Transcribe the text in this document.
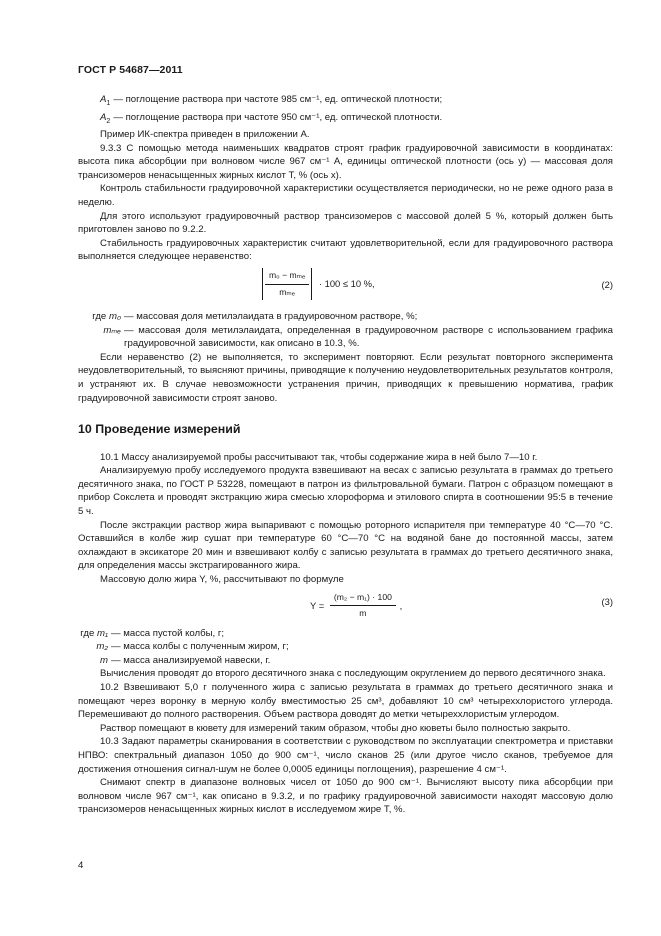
ГОСТ Р 54687—2011

$A_1$ — поглощение раствора при частоте 985 см⁻¹, ед. оптической плотности;

$A_2$ — поглощение раствора при частоте 950 см⁻¹, ед. оптической плотности.

Пример ИК-спектра приведен в приложении А.

9.3.3 С помощью метода наименьших квадратов строят график градуировочной зависимости в координатах: высота пика абсорбции при волновом числе 967 см⁻¹ A, единицы оптической плотности (ось y) — массовая доля трансизомеров ненасыщенных жирных кислот T, % (ось x).

Контроль стабильности градуировочной характеристики осуществляется периодически, но не реже одного раза в неделю.

Для этого используют градуировочный раствор трансизомеров с массовой долей 5 %, который должен быть приготовлен заново по 9.2.2.

Стабильность градуировочных характеристик считают удовлетворительной, если для градуировочного раствора выполняется следующее неравенство:

$\frac{\text{m₀ − mₘₑ}}{\text{mₘₑ}} \cdot 100 \le 10$ %,	(2)

где m₀ — массовая доля метилэлаидата в градуировочном растворе, %;

mₘₑ — массовая доля метилэлаидата, определенная в градуировочном растворе с использованием графика градуировочной зависимости, как описано в 10.3, %.

Если неравенство (2) не выполняется, то эксперимент повторяют. Если результат повторного эксперимента неудовлетворительный, то выясняют причины, приводящие к получению неудовлетворительных результатов контроля, и устраняют их. В случае невозможности устранения причин, приводящих к превышению норматива, график градуировочной зависимости строят заново.

10 Проведение измерений

10.1 Массу анализируемой пробы рассчитывают так, чтобы содержание жира в ней было 7—10 г.

Анализируемую пробу исследуемого продукта взвешивают на весах с записью результата в граммах до третьего десятичного знака, по ГОСТ Р 53228, помещают в патрон из фильтровальной бумаги. Патрон с образцом помещают в прибор Сокслета и проводят экстракцию жира смесью хлороформа и этилового спирта в соотношении 95:5 в течение 5 ч.

После экстракции раствор жира выпаривают с помощью роторного испарителя при температуре 40 °С—70 °С. Оставшийся в колбе жир сушат при температуре 60 °С—70 °С на водяной бане до постоянной массы, затем охлаждают в эксикаторе 20 мин и взвешивают колбу с записью результата в граммах до третьего десятичного знака, для определения массы экстрагированного жира.

Массовую долю жира Y, %, рассчитывают по формуле

$Y = \frac{\text{(m₂ − m₁) · 100}}{m}$ ,	(3)

где m₁ — масса пустой колбы, г;

m₂ — масса колбы с полученным жиром, г;

m — масса анализируемой навески, г.

Вычисления проводят до второго десятичного знака с последующим округлением до первого десятичного знака.

10.2 Взвешивают 5,0 г полученного жира с записью результата в граммах до третьего десятичного знака и помещают через воронку в мерную колбу вместимостью 25 см³, добавляют 10 см³ четыреххлористого углерода. Перемешивают до полного растворения. Объем раствора доводят до метки четыреххлористым углеродом.

Раствор помещают в кювету для измерений таким образом, чтобы дно кюветы было полностью закрыто.

10.3 Задают параметры сканирования в соответствии с руководством по эксплуатации спектрометра и приставки НПВО: спектральный диапазон 1050 до 900 см⁻¹, число сканов 25 (или другое число сканов, требуемое для достижения отношения сигнал-шум не более 0,0005 единицы поглощения), разрешение 4 см⁻¹.

Снимают спектр в диапазоне волновых чисел от 1050 до 900 см⁻¹. Вычисляют высоту пика абсорбции при волновом числе 967 см⁻¹, как описано в 9.3.2, и по графику градуировочной зависимости находят массовую долю трансизомеров ненасыщенных жирных кислот в исследуемом жире T, %.

4
